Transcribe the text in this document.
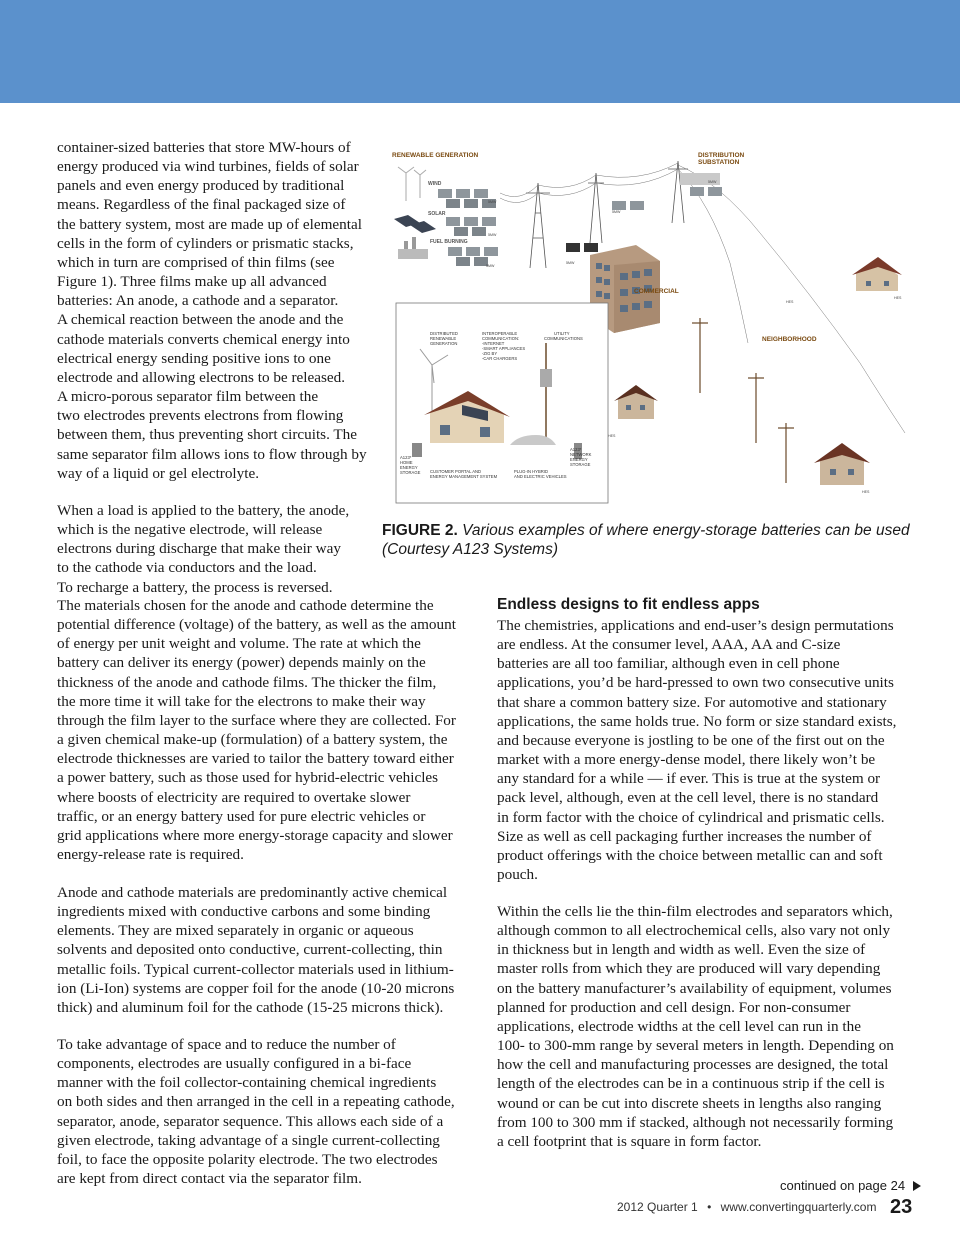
container-sized batteries that store MW-hours of
energy produced via wind turbines, fields of solar
panels and even energy produced by traditional
means. Regardless of the final packaged size of
the battery system, most are made up of elemental
cells in the form of cylinders or prismatic stacks,
which in turn are comprised of thin films (see
Figure 1). Three films make up all advanced
batteries: An anode, a cathode and a separator.
A chemical reaction between the anode and the
cathode materials converts chemical energy into
electrical energy sending positive ions to one
electrode and allowing electrons to be released.
A micro-porous separator film between the
two electrodes prevents electrons from flowing
between them, thus preventing short circuits. The
same separator film allows ions to flow through by
way of a liquid or gel electrolyte.

When a load is applied to the battery, the anode,
which is the negative electrode, will release
electrons during discharge that make their way
to the cathode via conductors and the load.
To recharge a battery, the process is reversed.

The materials chosen for the anode and cathode determine the
potential difference (voltage) of the battery, as well as the amount
of energy per unit weight and volume. The rate at which the
battery can deliver its energy (power) depends mainly on the
thickness of the anode and cathode films. The thicker the film,
the more time it will take for the electrons to make their way
through the film layer to the surface where they are collected. For
a given chemical make-up (formulation) of a battery system, the
electrode thicknesses are varied to tailor the battery toward either
a power battery, such as those used for hybrid-electric vehicles
where boosts of electricity are required to overtake slower
traffic, or an energy battery used for pure electric vehicles or
grid applications where more energy-storage capacity and slower
energy-release rate is required.

Anode and cathode materials are predominantly active chemical
ingredients mixed with conductive carbons and some binding
elements. They are mixed separately in organic or aqueous
solvents and deposited onto conductive, current-collecting, thin
metallic foils. Typical current-collector materials used in lithium-
ion (Li-Ion) systems are copper foil for the anode (10-20 microns
thick) and aluminum foil for the cathode (15-25 microns thick).

To take advantage of space and to reduce the number of
components, electrodes are usually configured in a bi-face
manner with the foil collector-containing chemical ingredients
on both sides and then arranged in the cell in a repeating cathode,
separator, anode, separator sequence. This allows each side of a
given electrode, taking advantage of a single current-collecting
foil, to face the opposite polarity electrode. The two electrodes
are kept from direct contact via the separator film.

RENEWABLE GENERATION	DISTRIBUTION SUBSTATION
WIND
5MW
SOLAR
5MW
FUEL BURNING
5MW
5MW
5MW
5MW
COMMERCIAL
HES
HES
NEIGHBORHOOD
HES
HES
DISTRIBUTED RENEWABLE GENERATION
INTEROPERABLE COMMUNICATION: -INTERNET -SMART APPLIANCES -ZIG BY -CAR CHARGERS
UTILITY COMMUNICATIONS
A123* HOME ENERGY STORAGE CUSTOMER PORTAL AND ENERGY MANAGEMENT SYSTEM
PLUG-IN HYBRID AND ELECTRIC VEHICLES
A123* NETWORK ENERGY STORAGE
FIGURE 2. Various examples of where energy-storage batteries can be used (Courtesy A123 Systems)
Endless designs to fit endless apps

The chemistries, applications and end-user’s design permutations
are endless. At the consumer level, AAA, AA and C-size
batteries are all too familiar, although even in cell phone
applications, you’d be hard-pressed to own two consecutive units
that share a common battery size. For automotive and stationary
applications, the same holds true. No form or size standard exists,
and because everyone is jostling to be one of the first out on the
market with a more energy-dense model, there likely won’t be
any standard for a while — if ever. This is true at the system or
pack level, although, even at the cell level, there is no standard
in form factor with the choice of cylindrical and prismatic cells.
Size as well as cell packaging further increases the number of
product offerings with the choice between metallic can and soft
pouch.

Within the cells lie the thin-film electrodes and separators which,
although common to all electrochemical cells, also vary not only
in thickness but in length and width as well. Even the size of
master rolls from which they are produced will vary depending
on the battery manufacturer’s availability of equipment, volumes
planned for production and cell design. For non-consumer
applications, electrode widths at the cell level can run in the
100- to 300-mm range by several meters in length. Depending on
how the cell and manufacturing processes are designed, the total
length of the electrodes can be in a continuous strip if the cell is
wound or can be cut into discrete sheets in lengths also ranging
from 100 to 300 mm if stacked, although not necessarily forming
a cell footprint that is square in form factor.

continued on page 24
2012 Quarter 1 • www.convertingquarterly.com 23
